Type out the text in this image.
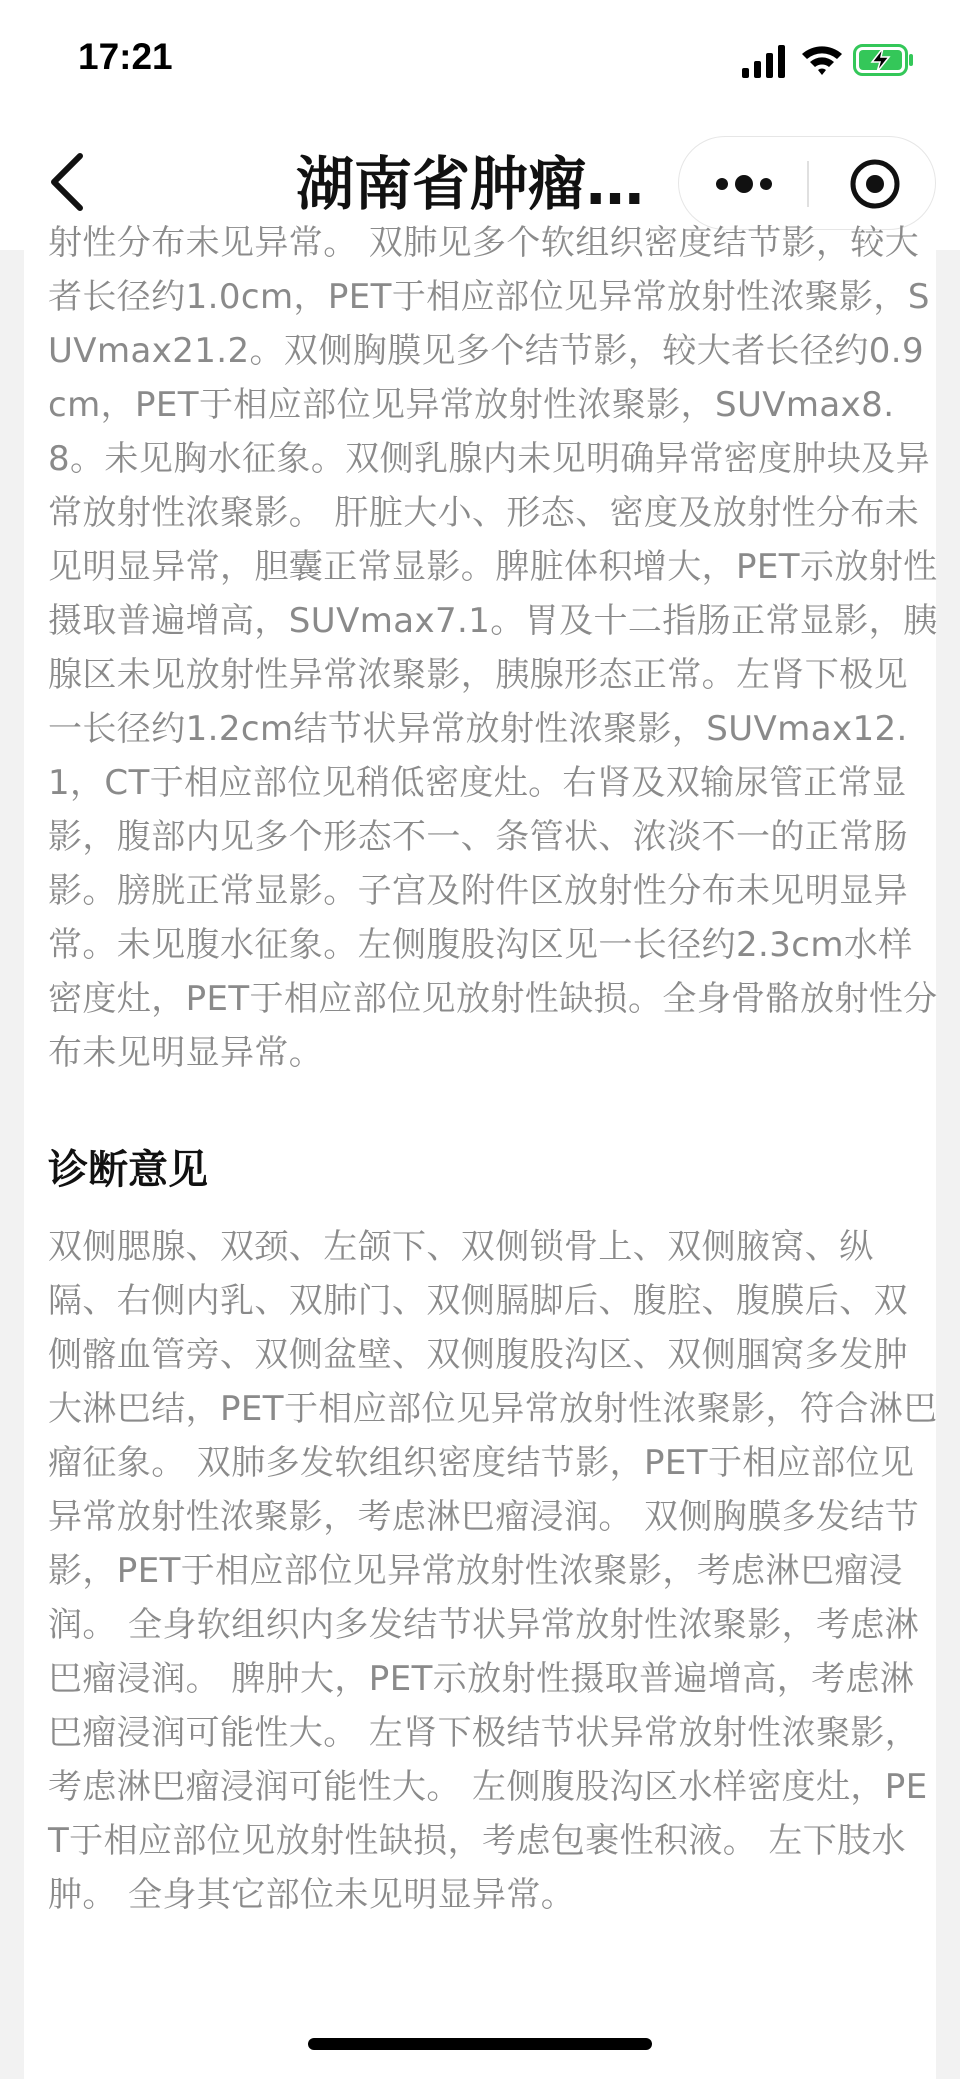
17:21
湖南省肿瘤…

射性分布未见异常。 双肺见多个软组织密度结节影，较大者长径约1.0cm，PET于相应部位见异常放射性浓聚影，SUVmax21.2。双侧胸膜见多个结节影，较大者长径约0.9cm，PET于相应部位见异常放射性浓聚影，SUVmax8.8。未见胸水征象。双侧乳腺内未见明确异常密度肿块及异常放射性浓聚影。 肝脏大小、形态、密度及放射性分布未见明显异常，胆囊正常显影。脾脏体积增大，PET示放射性摄取普遍增高，SUVmax7.1。胃及十二指肠正常显影，胰腺区未见放射性异常浓聚影，胰腺形态正常。左肾下极见一长径约1.2cm结节状异常放射性浓聚影，SUVmax12.1，CT于相应部位见稍低密度灶。右肾及双输尿管正常显影，腹部内见多个形态不一、条管状、浓淡不一的正常肠影。膀胱正常显影。子宫及附件区放射性分布未见明显异常。未见腹水征象。左侧腹股沟区见一长径约2.3cm水样密度灶，PET于相应部位见放射性缺损。全身骨骼放射性分布未见明显异常。

诊断意见

双侧腮腺、双颈、左颌下、双侧锁骨上、双侧腋窝、纵隔、右侧内乳、双肺门、双侧膈脚后、腹腔、腹膜后、双侧髂血管旁、双侧盆壁、双侧腹股沟区、双侧腘窝多发肿大淋巴结，PET于相应部位见异常放射性浓聚影，符合淋巴瘤征象。 双肺多发软组织密度结节影，PET于相应部位见异常放射性浓聚影，考虑淋巴瘤浸润。 双侧胸膜多发结节影，PET于相应部位见异常放射性浓聚影，考虑淋巴瘤浸润。 全身软组织内多发结节状异常放射性浓聚影，考虑淋巴瘤浸润。 脾肿大，PET示放射性摄取普遍增高，考虑淋巴瘤浸润可能性大。 左肾下极结节状异常放射性浓聚影，考虑淋巴瘤浸润可能性大。 左侧腹股沟区水样密度灶，PET于相应部位见放射性缺损，考虑包裹性积液。 左下肢水肿。 全身其它部位未见明显异常。
